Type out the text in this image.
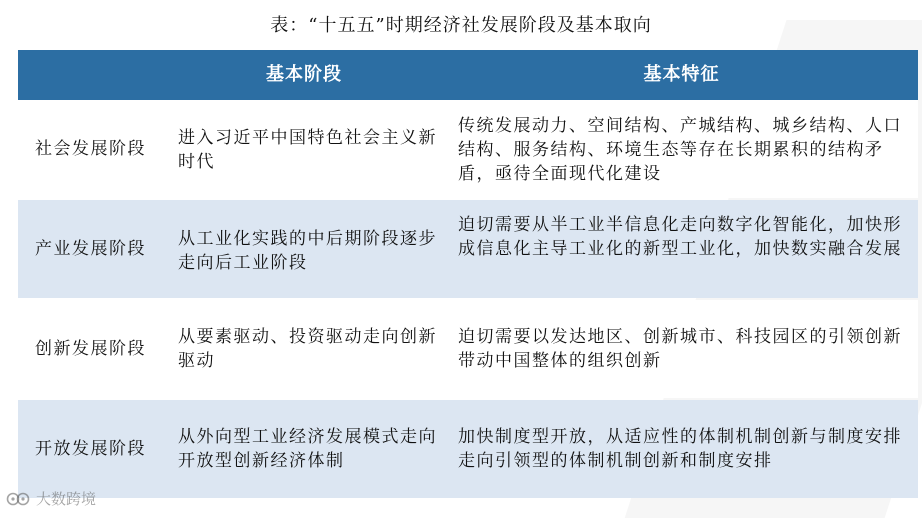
表：“十五五”时期经济社发展阶段及基本取向
基本阶段	基本特征
社会发展阶段
进入习近平中国特色社会主义新时代
传统发展动力、空间结构、产城结构、城乡结构、人口结构、服务结构、环境生态等存在长期累积的结构矛盾，亟待全面现代化建设
产业发展阶段	从工业化实践的中后期阶段逐步走向后工业阶段
迫切需要从半工业半信息化走向数字化智能化，加快形成信息化主导工业化的新型工业化，加快数实融合发展
创新发展阶段
从要素驱动、投资驱动走向创新驱动
迫切需要以发达地区、创新城市、科技园区的引领创新带动中国整体的组织创新
开放发展阶段
从外向型工业经济发展模式走向开放型创新经济体制
加快制度型开放，从适应性的体制机制创新与制度安排走向引领型的体制机制创新和制度安排
大数跨境
